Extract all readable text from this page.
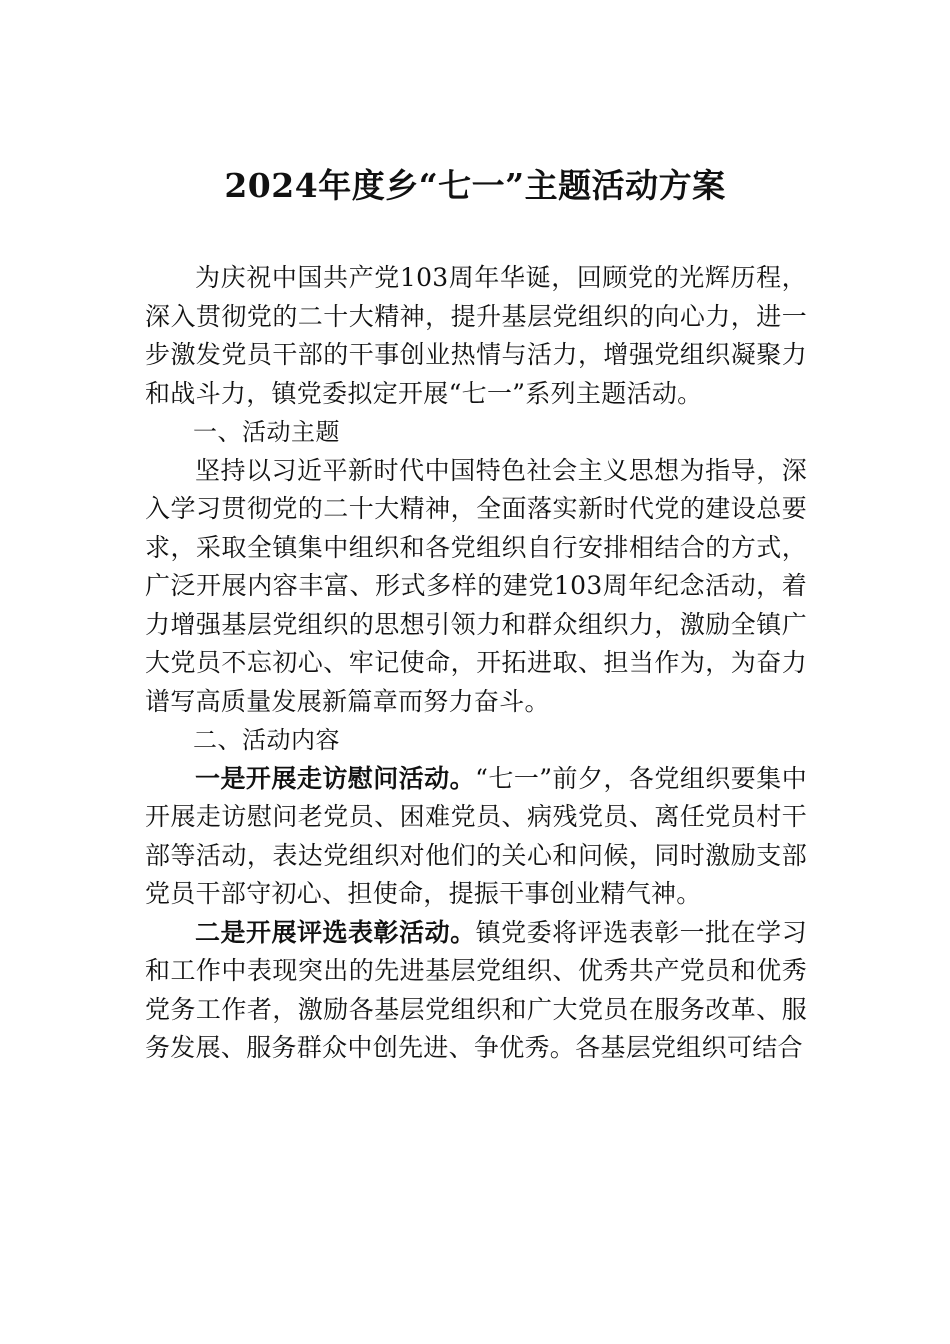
2024年度乡“七一”主题活动方案

为庆祝中国共产党103周年华诞，回顾党的光辉历程，深入贯彻党的二十大精神，提升基层党组织的向心力，进一步激发党员干部的干事创业热情与活力，增强党组织凝聚力和战斗力，镇党委拟定开展“七一”系列主题活动。

一、活动主题

坚持以习近平新时代中国特色社会主义思想为指导，深入学习贯彻党的二十大精神，全面落实新时代党的建设总要求，采取全镇集中组织和各党组织自行安排相结合的方式，广泛开展内容丰富、形式多样的建党103周年纪念活动，着力增强基层党组织的思想引领力和群众组织力，激励全镇广大党员不忘初心、牢记使命，开拓进取、担当作为，为奋力谱写高质量发展新篇章而努力奋斗。

二、活动内容

一是开展走访慰问活动。“七一”前夕，各党组织要集中开展走访慰问老党员、困难党员、病残党员、离任党员村干部等活动，表达党组织对他们的关心和问候，同时激励支部党员干部守初心、担使命，提振干事创业精气神。

二是开展评选表彰活动。镇党委将评选表彰一批在学习和工作中表现突出的先进基层党组织、优秀共产党员和优秀党务工作者，激励各基层党组织和广大党员在服务改革、服务发展、服务群众中创先进、争优秀。各基层党组织可结合
